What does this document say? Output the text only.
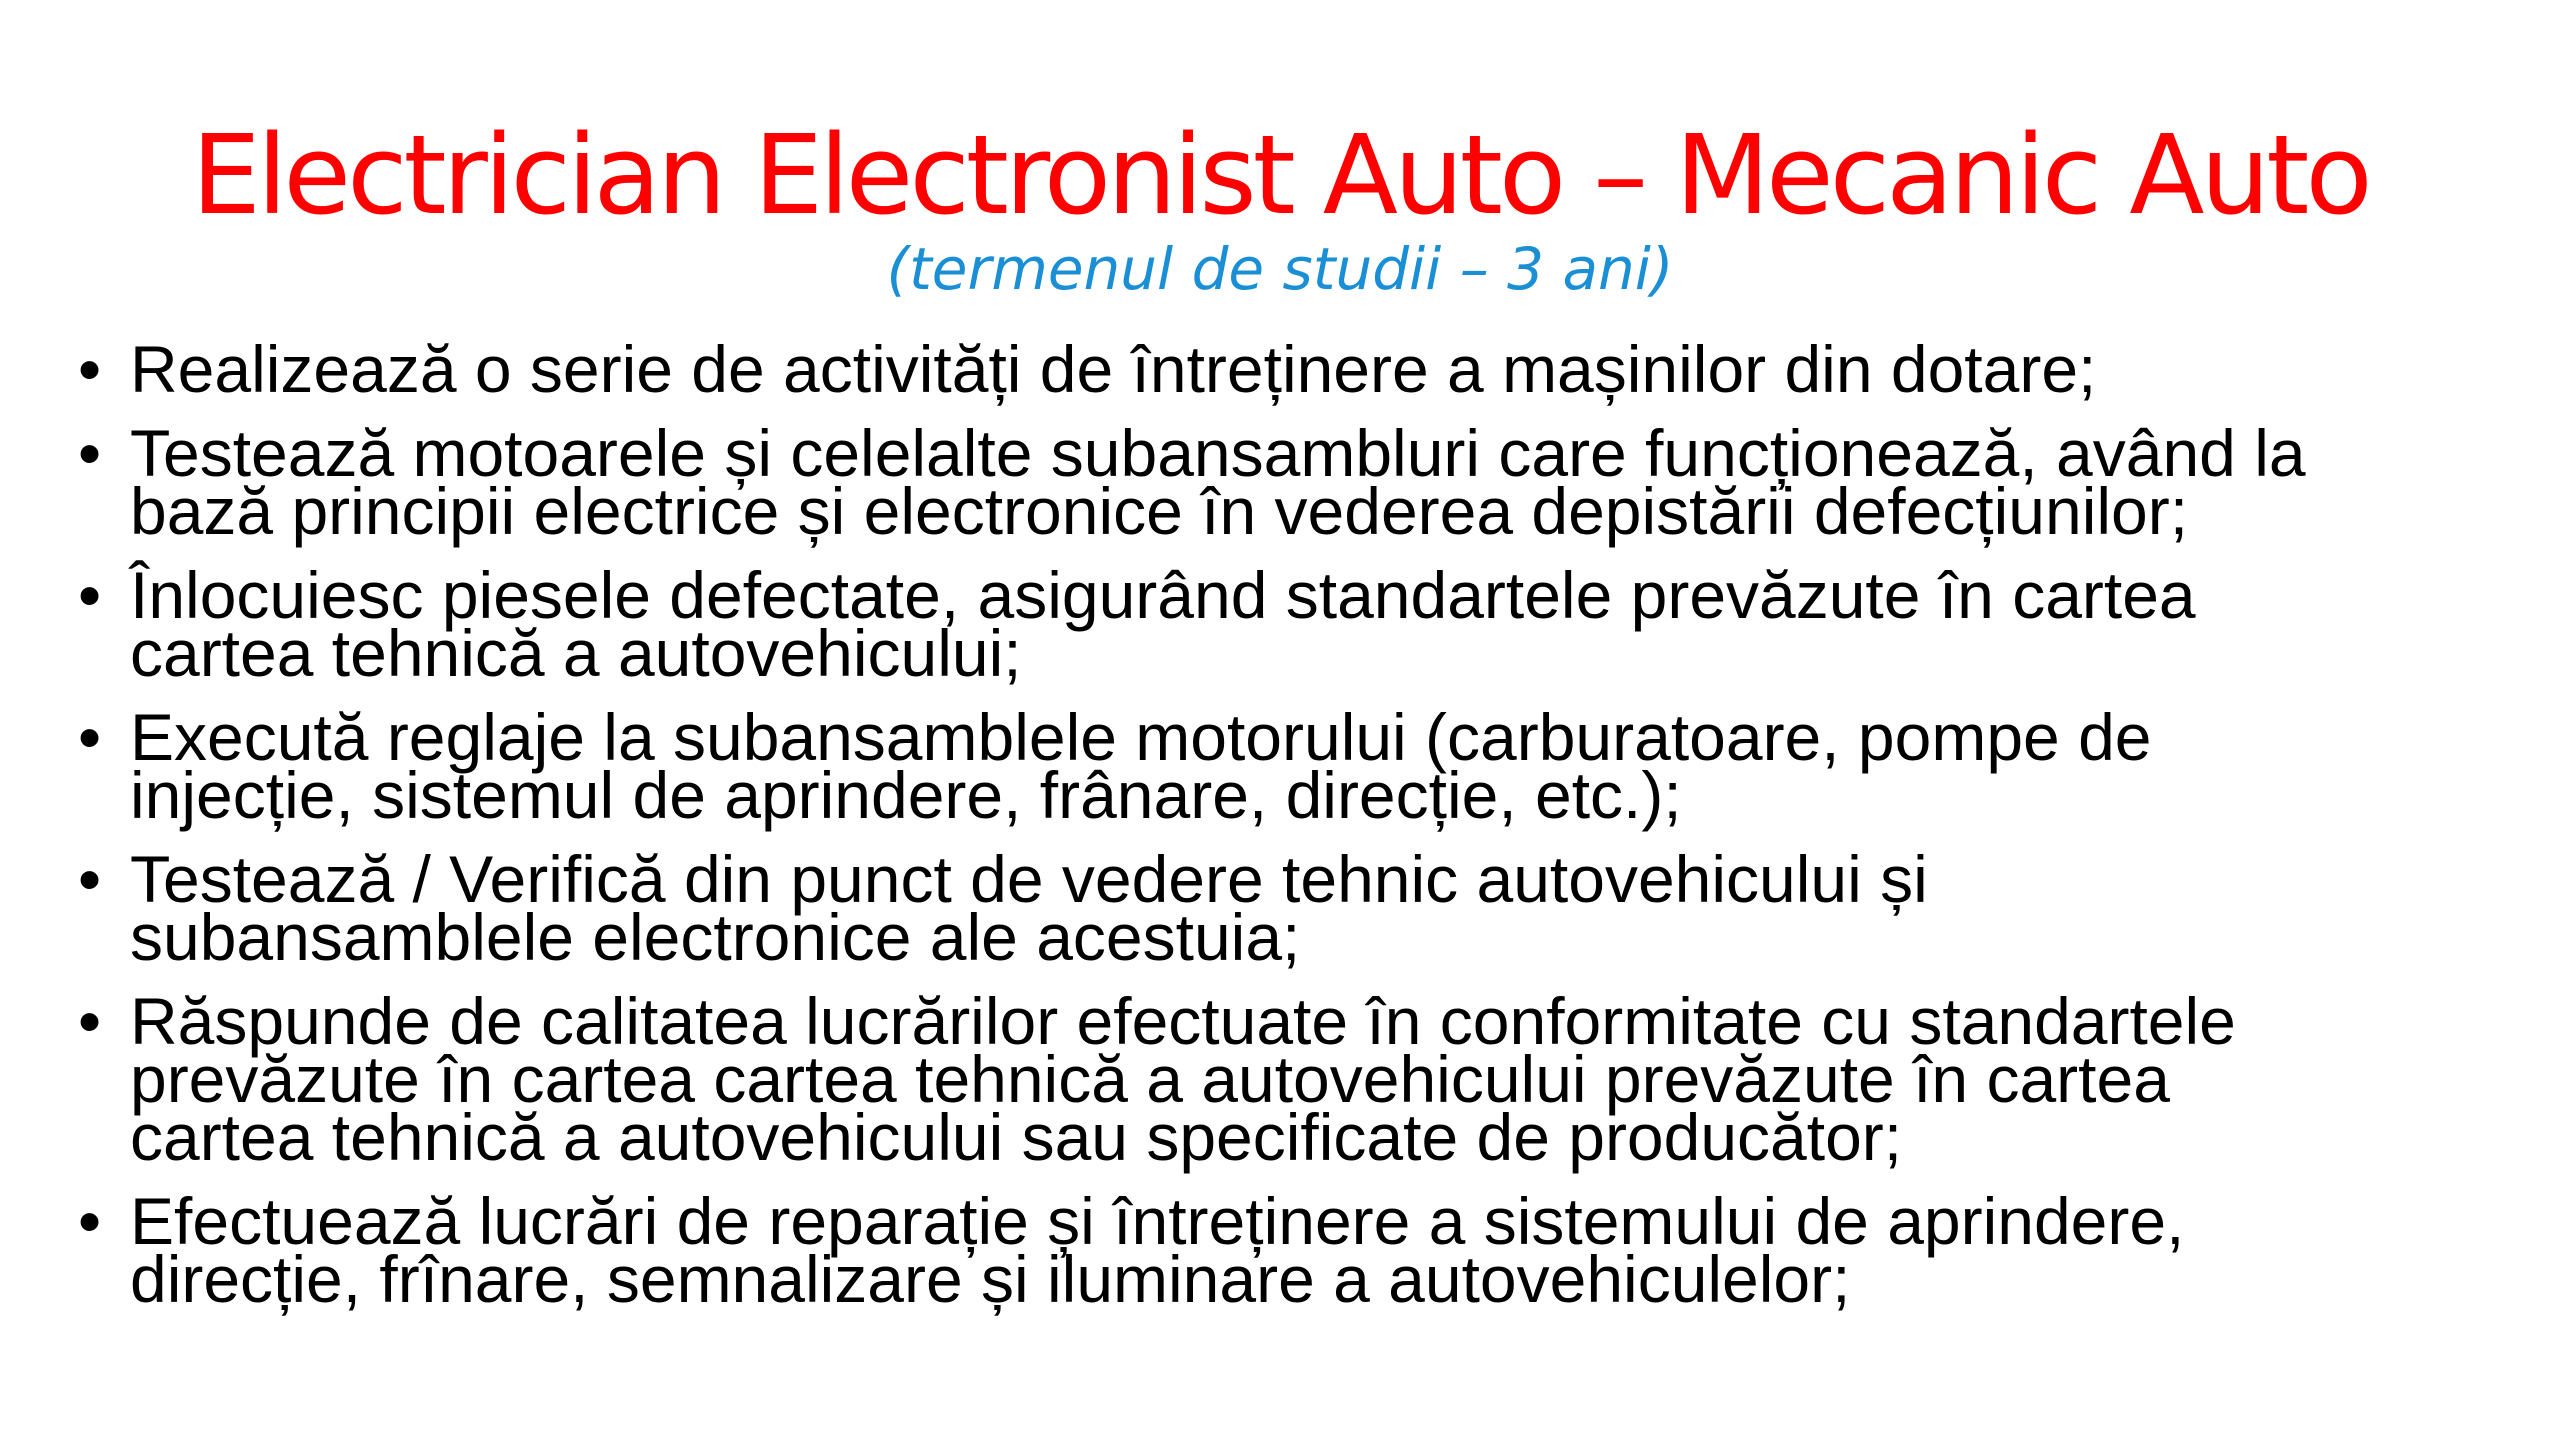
Electrician Electronist Auto – Mecanic Auto
(termenul de studii – 3 ani)
• Realizează o serie de activități de întreținere a mașinilor din dotare;
• Testează motoarele și celelalte subansambluri care funcționează, având la
bază principii electrice și electronice în vederea depistării defecțiunilor;
• Înlocuiesc piesele defectate, asigurând standartele prevăzute în cartea
cartea tehnică a autovehicului;
• Execută reglaje la subansamblele motorului (carburatoare, pompe de
injecție, sistemul de aprindere, frânare, direcție, etc.);
• Testează / Verifică din punct de vedere tehnic autovehicului și
subansamblele electronice ale acestuia;
• Răspunde de calitatea lucrărilor efectuate în conformitate cu standartele
prevăzute în cartea cartea tehnică a autovehicului prevăzute în cartea
cartea tehnică a autovehicului sau specificate de producător;
• Efectuează lucrări de reparație și întreținere a sistemului de aprindere,
direcție, frînare, semnalizare și iluminare a autovehiculelor;
